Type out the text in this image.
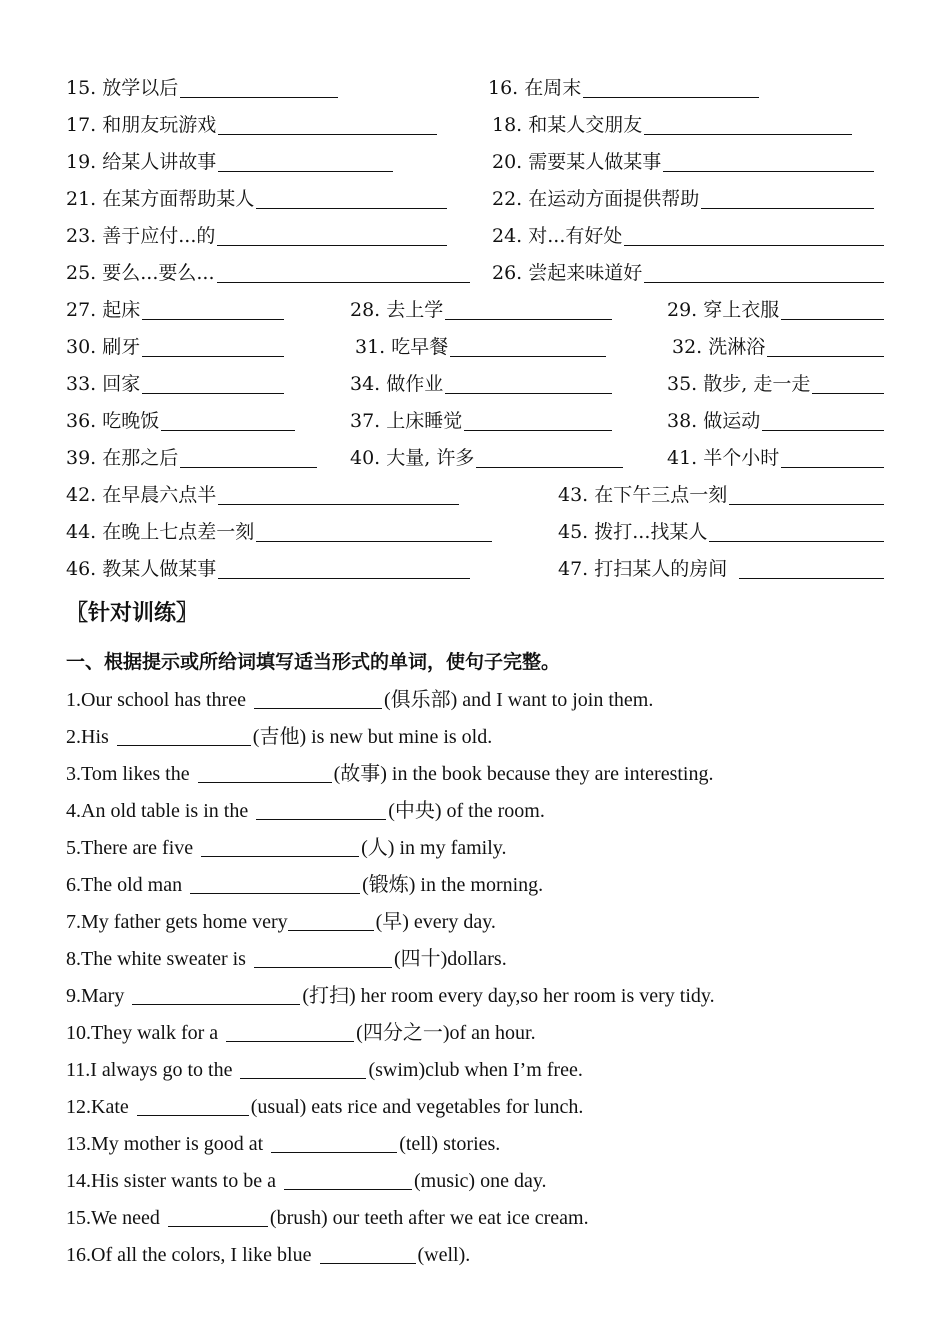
15. 放学以后	16. 在周末
17. 和朋友玩游戏	18. 和某人交朋友
19. 给某人讲故事	20. 需要某人做某事
21. 在某方面帮助某人	22. 在运动方面提供帮助
23. 善于应付...的	24. 对...有好处
25. 要么...要么...	26. 尝起来味道好
27. 起床	28. 去上学	29. 穿上衣服
30. 刷牙	31. 吃早餐	32. 洗淋浴
33. 回家	34. 做作业	35. 散步, 走一走
36. 吃晚饭	37. 上床睡觉	38. 做运动
39. 在那之后	40. 大量, 许多	41. 半个小时
42. 在早晨六点半	43. 在下午三点一刻
44. 在晚上七点差一刻	45. 拨打...找某人
46. 教某人做某事	47. 打扫某人的房间
〖针对训练〗
一、根据提示或所给词填写适当形式的单词，使句子完整。
1.Our school has three	(俱乐部) and I want to join them.
2.His	(吉他) is new but mine is old.
3.Tom likes the	(故事) in the book because they are interesting.
4.An old table is in the	(中央) of the room.
5.There are five	(人) in my family.
6.The old man	(锻炼) in the morning.
7.My father gets home very	(早) every day.
8.The white sweater is	(四十)dollars.
9.Mary	(打扫) her room every day,so her room is very tidy.
10.They walk for a	(四分之一)of an hour.
11.I always go to the	(swim)club when I’m free.
12.Kate	(usual) eats rice and vegetables for lunch.
13.My mother is good at	(tell) stories.
14.His sister wants to be a	(music) one day.
15.We need	(brush) our teeth after we eat ice cream.
16.Of all the colors, I like blue	(well).
